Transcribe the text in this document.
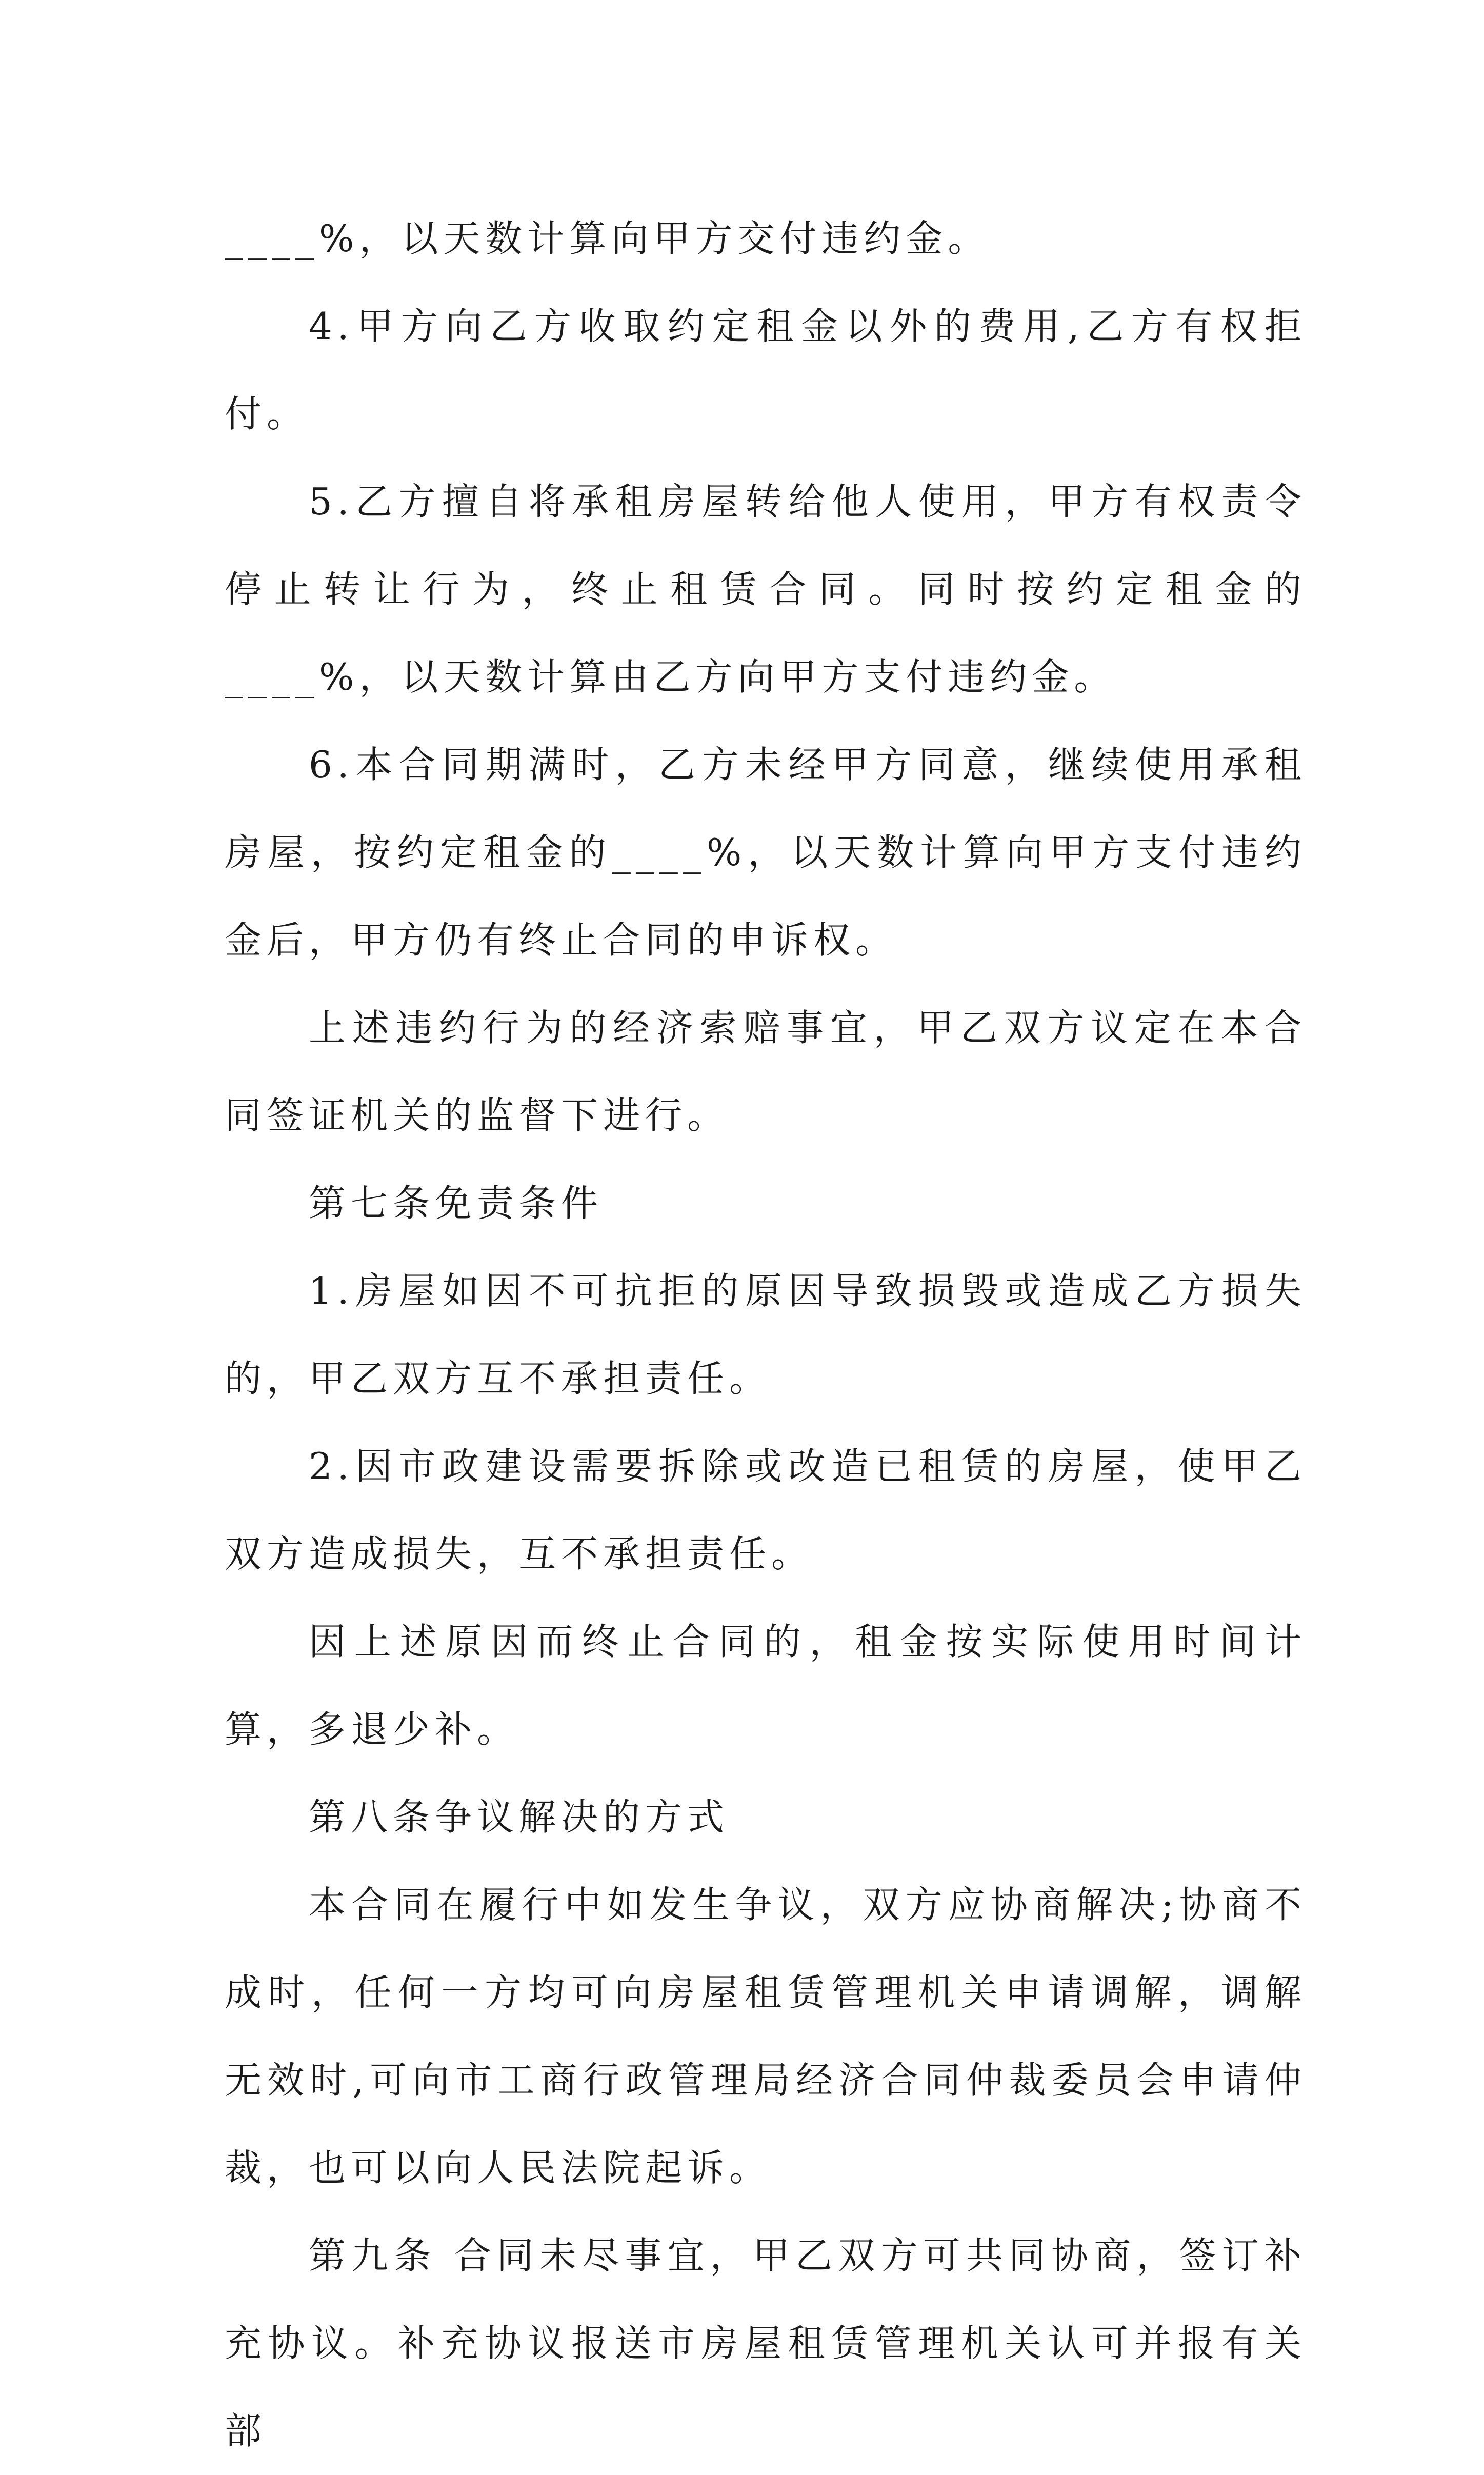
____%，以天数计算向甲方交付违约金。

4.甲方向乙方收取约定租金以外的费用,乙方有权拒付。

5.乙方擅自将承租房屋转给他人使用，甲方有权责令停止转让行为，终止租赁合同。同时按约定租金的____%，以天数计算由乙方向甲方支付违约金。

6.本合同期满时，乙方未经甲方同意，继续使用承租房屋，按约定租金的____%，以天数计算向甲方支付违约金后，甲方仍有终止合同的申诉权。

上述违约行为的经济索赔事宜，甲乙双方议定在本合同签证机关的监督下进行。

第七条免责条件

1.房屋如因不可抗拒的原因导致损毁或造成乙方损失的，甲乙双方互不承担责任。

2.因市政建设需要拆除或改造已租赁的房屋，使甲乙双方造成损失，互不承担责任。

因上述原因而终止合同的，租金按实际使用时间计算，多退少补。

第八条争议解决的方式

本合同在履行中如发生争议，双方应协商解决;协商不成时，任何一方均可向房屋租赁管理机关申请调解，调解无效时,可向市工商行政管理局经济合同仲裁委员会申请仲裁，也可以向人民法院起诉。

第九条 合同未尽事宜，甲乙双方可共同协商，签订补充协议。补充协议报送市房屋租赁管理机关认可并报有关部
